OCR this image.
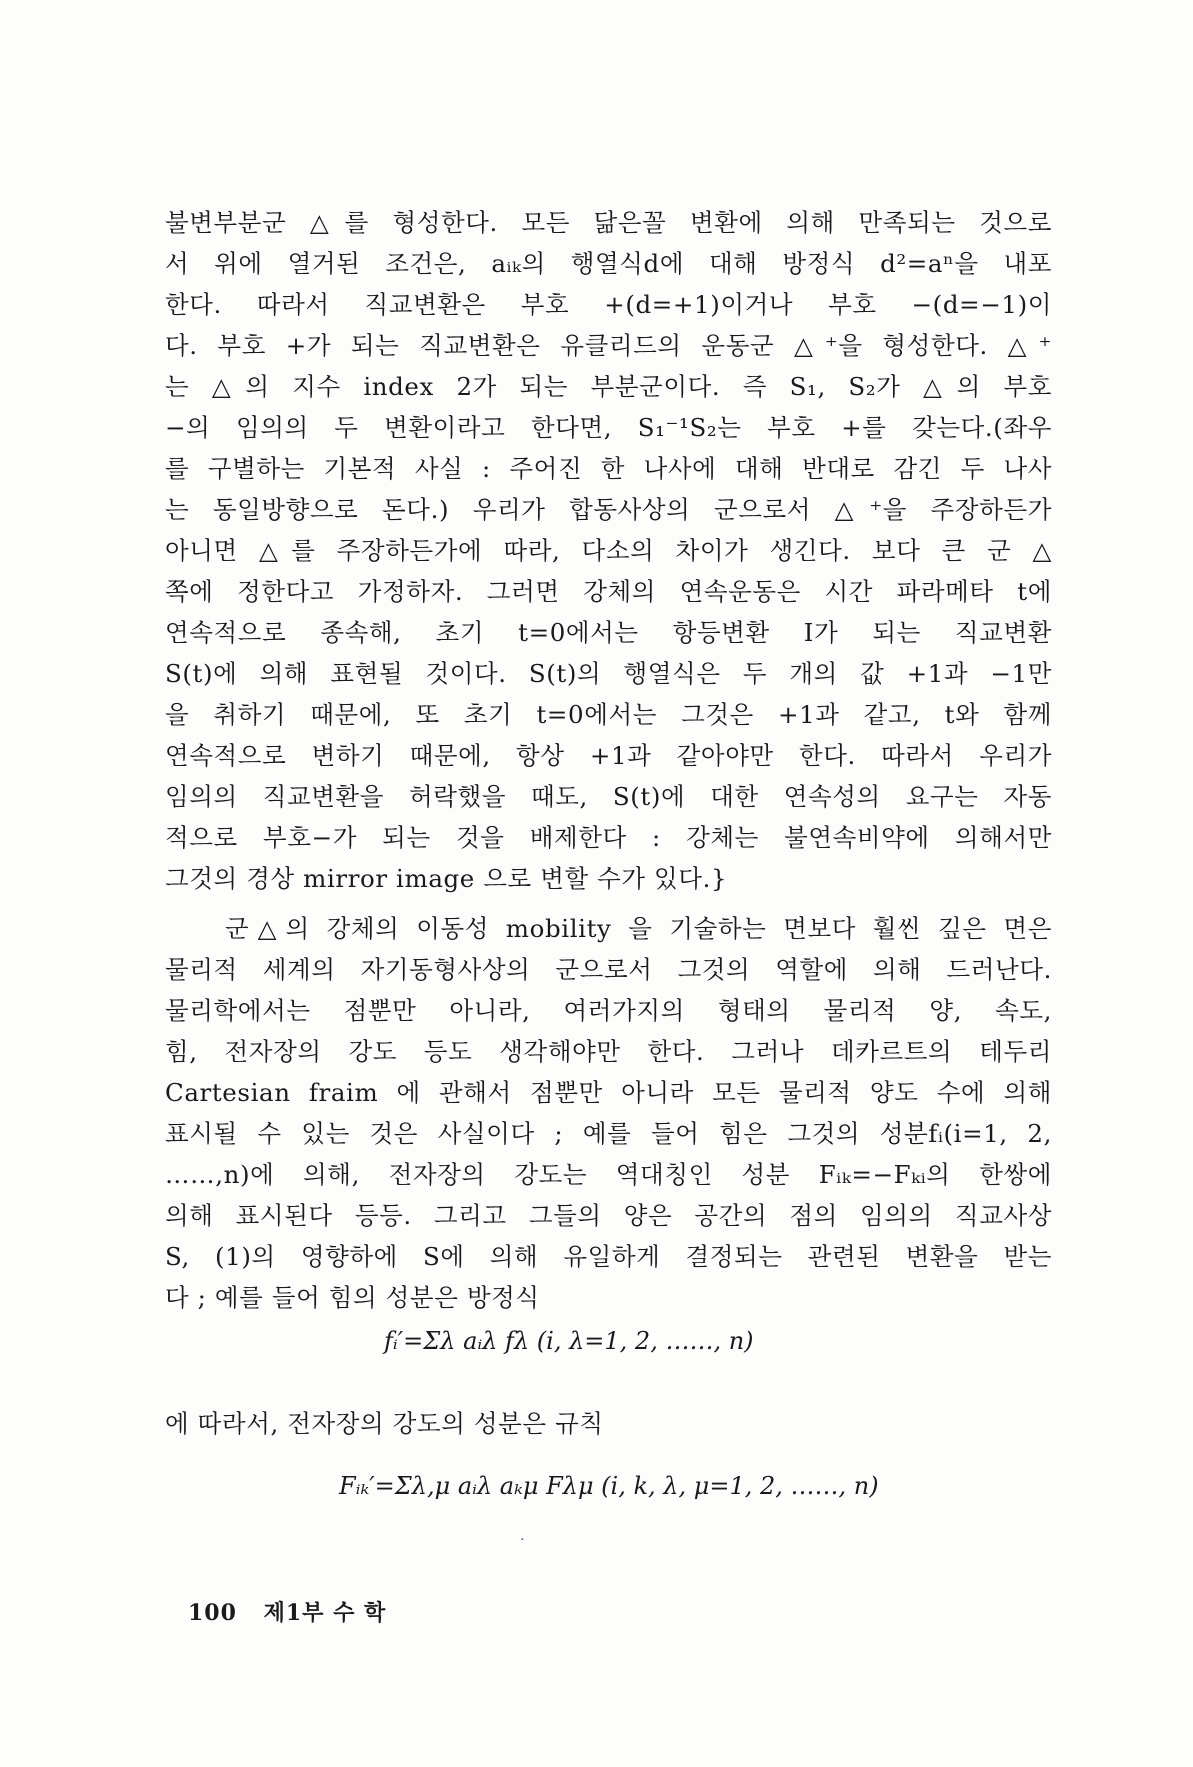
불변부분군 △를 형성한다. 모든 닮은꼴 변환에 의해 만족되는 것으로
서 위에 열거된 조건은, aᵢₖ의 행열식d에 대해 방정식 d²=aⁿ을 내포
한다. 따라서 직교변환은 부호 +(d=+1)이거나 부호 −(d=−1)이
다. 부호 +가 되는 직교변환은 유클리드의 운동군 △⁺을 형성한다. △⁺
는 △의 지수 index 2가 되는 부분군이다. 즉 S₁, S₂가 △의 부호
−의 임의의 두 변환이라고 한다면, S₁⁻¹S₂는 부호 +를 갖는다.(좌우
를 구별하는 기본적 사실 : 주어진 한 나사에 대해 반대로 감긴 두 나사
는 동일방향으로 돈다.) 우리가 합동사상의 군으로서 △⁺을 주장하든가
아니면 △를 주장하든가에 따라, 다소의 차이가 생긴다. 보다 큰 군 △
쪽에 정한다고 가정하자. 그러면 강체의 연속운동은 시간 파라메타 t에
연속적으로 종속해, 초기 t=0에서는 항등변환 I가 되는 직교변환
S(t)에 의해 표현될 것이다. S(t)의 행열식은 두 개의 값 +1과 −1만
을 취하기 때문에, 또 초기 t=0에서는 그것은 +1과 같고, t와 함께
연속적으로 변하기 때문에, 항상 +1과 같아야만 한다. 따라서 우리가
임의의 직교변환을 허락했을 때도, S(t)에 대한 연속성의 요구는 자동
적으로 부호−가 되는 것을 배제한다 : 강체는 불연속비약에 의해서만
그것의 경상 mirror image 으로 변할 수가 있다.}
군△의 강체의 이동성 mobility 을 기술하는 면보다 훨씬 깊은 면은
물리적 세계의 자기동형사상의 군으로서 그것의 역할에 의해 드러난다.
물리학에서는 점뿐만 아니라, 여러가지의 형태의 물리적 양, 속도,
힘, 전자장의 강도 등도 생각해야만 한다. 그러나 데카르트의 테두리
Cartesian fraim 에 관해서 점뿐만 아니라 모든 물리적 양도 수에 의해
표시될 수 있는 것은 사실이다 ; 예를 들어 힘은 그것의 성분fᵢ(i=1, 2,
……,n)에 의해, 전자장의 강도는 역대칭인 성분 Fᵢₖ=−Fₖᵢ의 한쌍에
의해 표시된다 등등. 그리고 그들의 양은 공간의 점의 임의의 직교사상
S, (1)의 영향하에 S에 의해 유일하게 결정되는 관련된 변환을 받는
다 ; 예를 들어 힘의 성분은 방정식
fᵢ′=Σλ aᵢλ fλ (i, λ=1, 2, ……, n)
에 따라서, 전자장의 강도의 성분은 규칙
Fᵢₖ′=Σλ,μ aᵢλ aₖμ Fλμ (i, k, λ, μ=1, 2, ……, n)
·
100 제1부 수 학
